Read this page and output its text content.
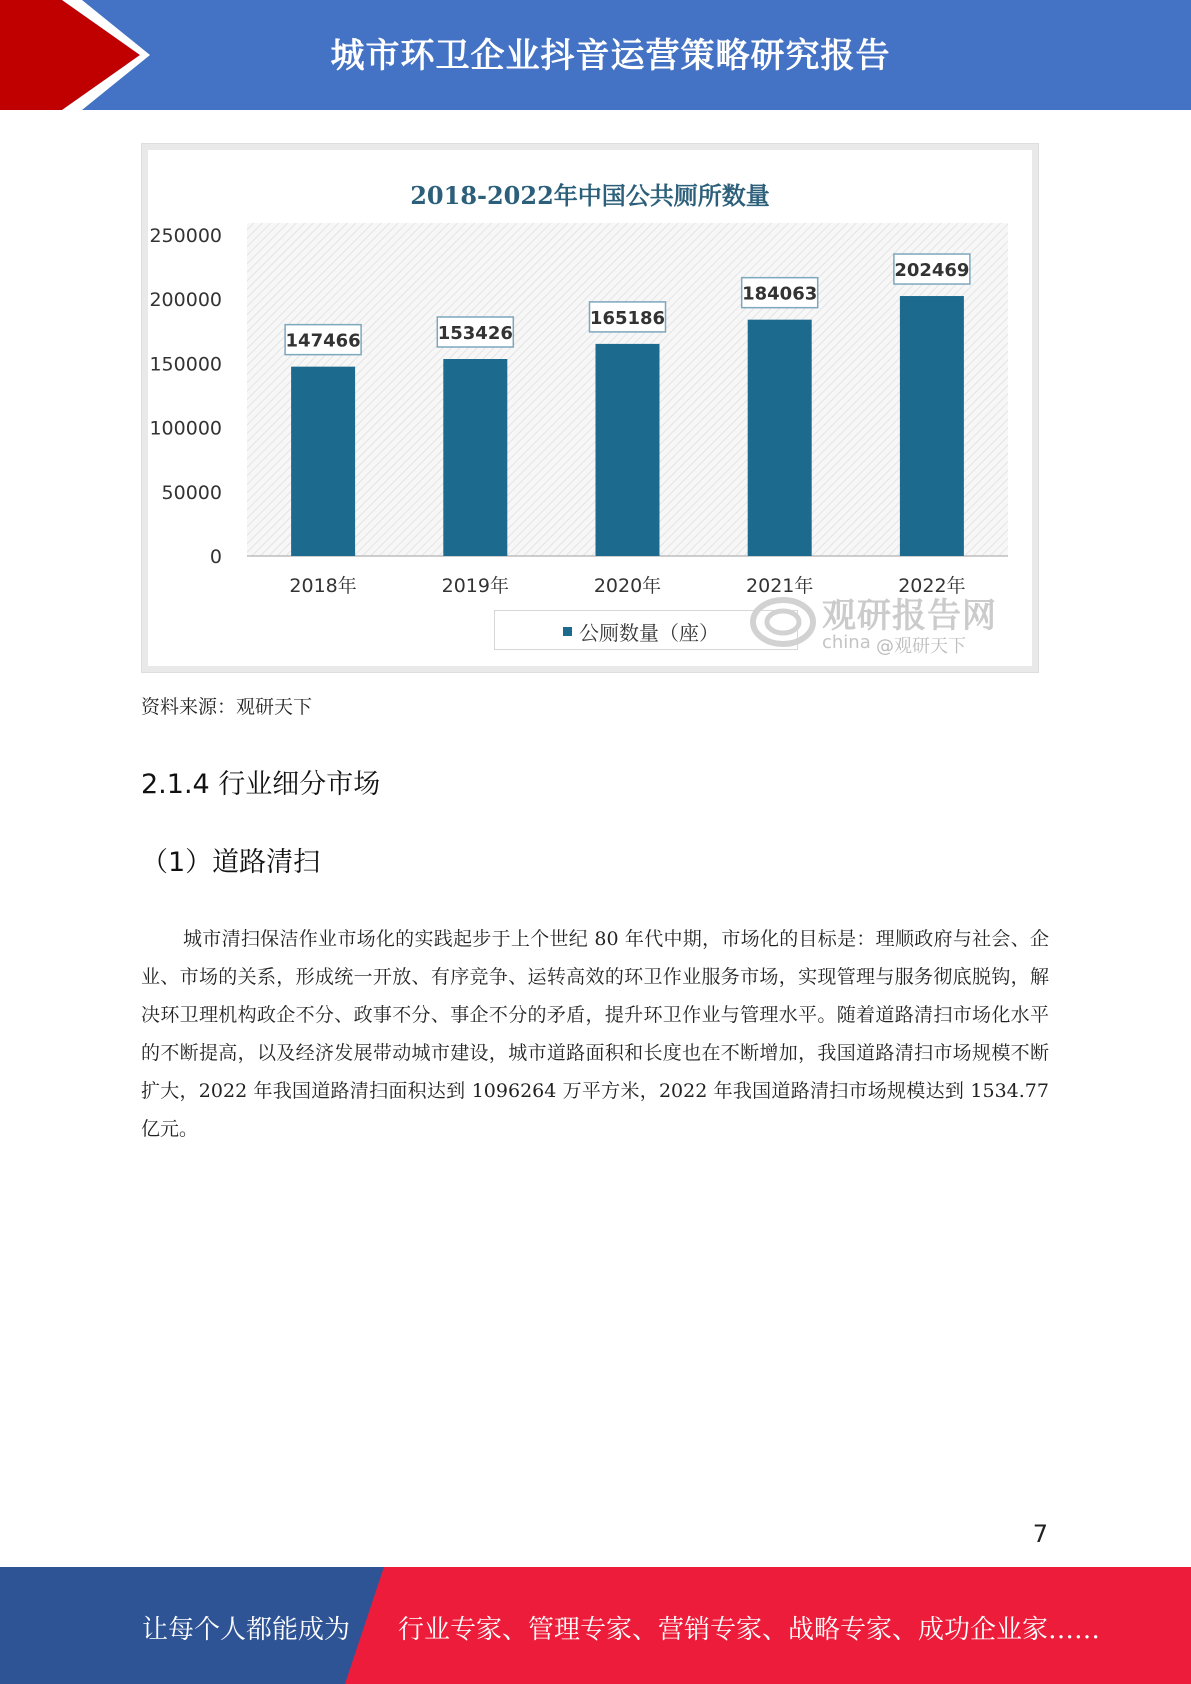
城市环卫企业抖音运营策略研究报告
2018-2022年中国公共厕所数量
250000
200000
150000
100000
50000
0
147466
2018年
153426
2019年
165186
2020年
184063
2021年
202469
2022年
公厕数量（座）	观研报告网
china @观研天下
资料来源：观研天下
2.1.4 行业细分市场
（1）道路清扫

城市清扫保洁作业市场化的实践起步于上个世纪 80 年代中期，市场化的目标是：理顺政府与社会、企业、市场的关系，形成统一开放、有序竞争、运转高效的环卫作业服务市场，实现管理与服务彻底脱钩，解决环卫理机构政企不分、政事不分、事企不分的矛盾，提升环卫作业与管理水平。随着道路清扫市场化水平的不断提高，以及经济发展带动城市建设，城市道路面积和长度也在不断增加，我国道路清扫市场规模不断扩大，2022 年我国道路清扫面积达到 1096264 万平方米，2022 年我国道路清扫市场规模达到 1534.77 亿元。

7
让每个人都能成为 行业专家、管理专家、营销专家、战略专家、成功企业家……
